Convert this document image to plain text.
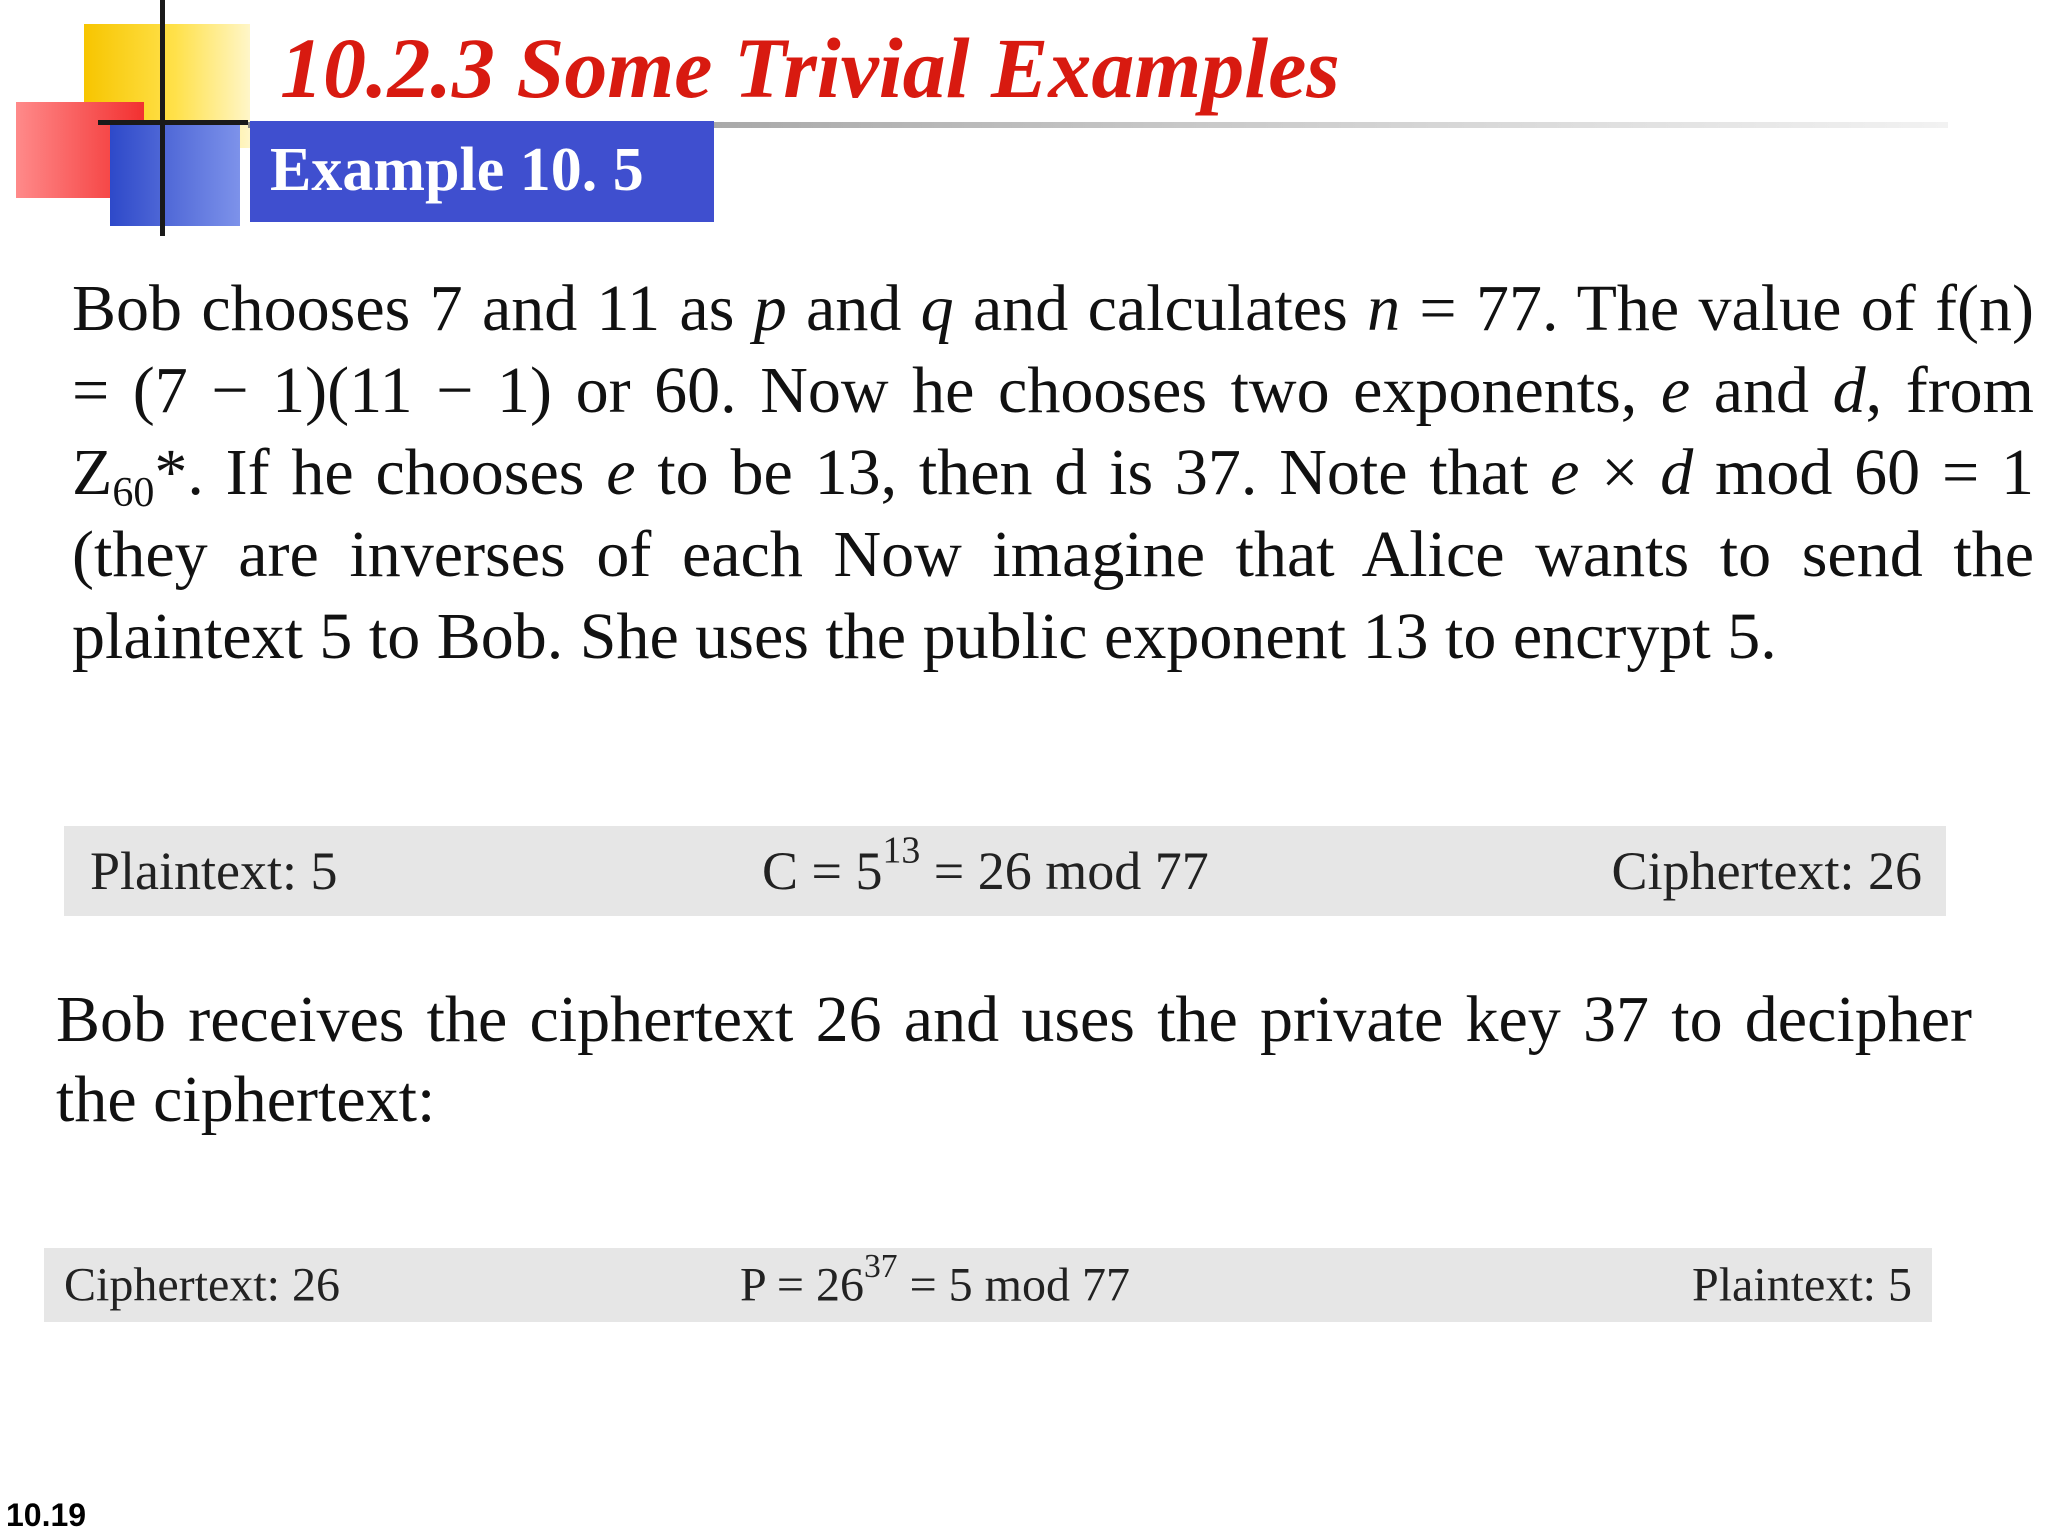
10.2.3 Some Trivial Examples
Example 10. 5

Bob chooses 7 and 11 as p and q and calculates n = 77. The value of f(n) = (7 − 1)(11 − 1) or 60. Now he chooses two exponents, e and d, from $Z_{60}*$. If he chooses e to be 13, then d is 37. Note that e × d mod 60 = 1 (they are inverses of each Now imagine that Alice wants to send the plaintext 5 to Bob. She uses the public exponent 13 to encrypt 5.

Plaintext: 5	$C = 5^{13} = 26$ mod 77	Ciphertext: 26

Bob receives the ciphertext 26 and uses the private key 37 to decipher the ciphertext:

Ciphertext: 26	$P = 26^{37} = 5$ mod 77	Plaintext: 5
10.19
